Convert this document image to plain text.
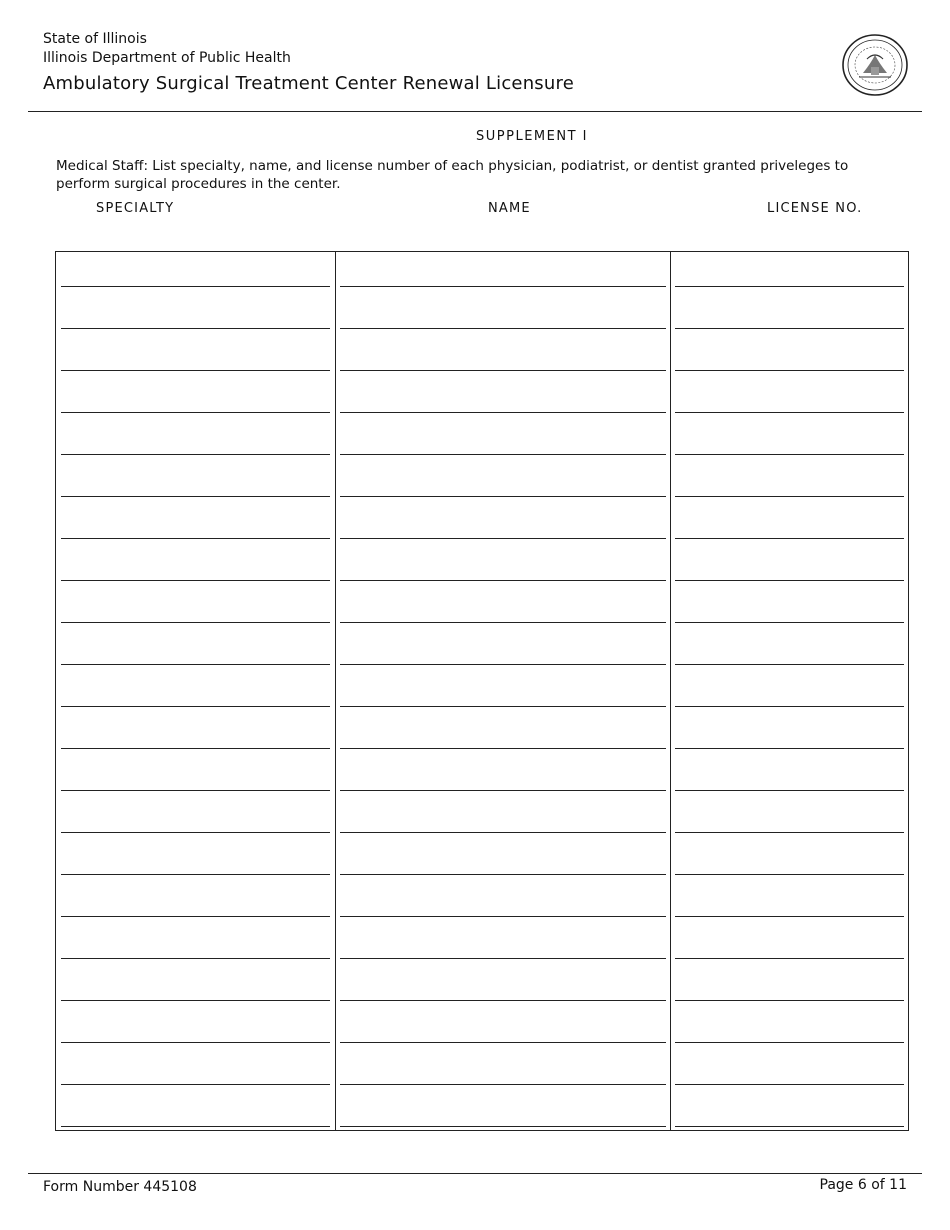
State of Illinois
Illinois Department of Public Health
Ambulatory Surgical Treatment Center Renewal Licensure
SUPPLEMENT I
Medical Staff: List specialty, name, and license number of each physician, podiatrist, or dentist granted priveleges to perform surgical procedures in the center.
SPECIALTY	NAME	LICENSE NO.
Form Number 445108	Page 6 of 11
